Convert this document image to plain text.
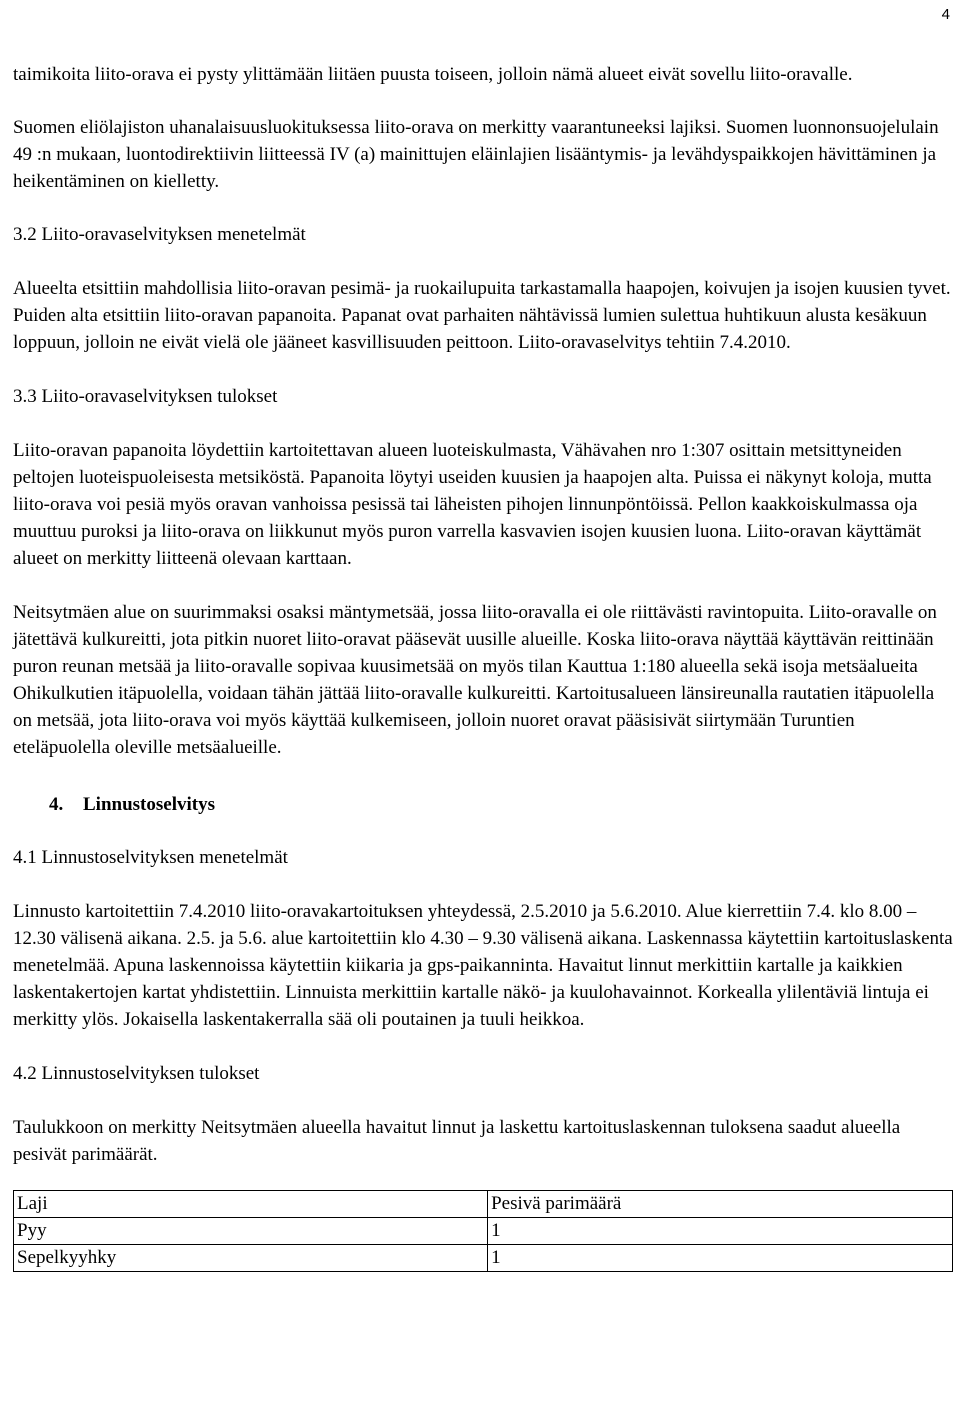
4

taimikoita liito-orava ei pysty ylittämään liitäen puusta toiseen, jolloin nämä alueet eivät sovellu liito-oravalle.

Suomen eliölajiston uhanalaisuusluokituksessa liito-orava on merkitty vaarantuneeksi lajiksi. Suomen luonnonsuojelulain 49 :n mukaan, luontodirektiivin liitteessä IV (a) mainittujen eläinlajien lisääntymis- ja levähdyspaikkojen hävittäminen ja heikentäminen on kielletty.

3.2 Liito-oravaselvityksen menetelmät

Alueelta etsittiin mahdollisia liito-oravan pesimä- ja ruokailupuita tarkastamalla haapojen, koivujen ja isojen kuusien tyvet. Puiden alta etsittiin liito-oravan papanoita. Papanat ovat parhaiten nähtävissä lumien sulettua huhtikuun alusta kesäkuun loppuun, jolloin ne eivät vielä ole jääneet kasvillisuuden peittoon. Liito-oravaselvitys tehtiin 7.4.2010.

3.3 Liito-oravaselvityksen tulokset

Liito-oravan papanoita löydettiin kartoitettavan alueen luoteiskulmasta, Vähävahen nro 1:307 osittain metsittyneiden peltojen luoteispuoleisesta metsiköstä. Papanoita löytyi useiden kuusien ja haapojen alta. Puissa ei näkynyt koloja, mutta liito-orava voi pesiä myös oravan vanhoissa pesissä tai läheisten pihojen linnunpöntöissä. Pellon kaakkoiskulmassa oja muuttuu puroksi ja liito-orava on liikkunut myös puron varrella kasvavien isojen kuusien luona. Liito-oravan käyttämät alueet on merkitty liitteenä olevaan karttaan.

Neitsytmäen alue on suurimmaksi osaksi mäntymetsää, jossa liito-oravalla ei ole riittävästi ravintopuita. Liito-oravalle on jätettävä kulkureitti, jota pitkin nuoret liito-oravat pääsevät uusille alueille. Koska liito-orava näyttää käyttävän reittinään puron reunan metsää ja liito-oravalle sopivaa kuusimetsää on myös tilan Kauttua 1:180 alueella sekä isoja metsäalueita Ohikulkutien itäpuolella, voidaan tähän jättää liito-oravalle kulkureitti. Kartoitusalueen länsireunalla rautatien itäpuolella on metsää, jota liito-orava voi myös käyttää kulkemiseen, jolloin nuoret oravat pääsisivät siirtymään Turuntien eteläpuolella oleville metsäalueille.

4. Linnustoselvitys

4.1 Linnustoselvityksen menetelmät

Linnusto kartoitettiin 7.4.2010 liito-oravakartoituksen yhteydessä, 2.5.2010 ja 5.6.2010. Alue kierrettiin 7.4. klo 8.00 – 12.30 välisenä aikana. 2.5. ja 5.6. alue kartoitettiin klo 4.30 – 9.30 välisenä aikana. Laskennassa käytettiin kartoituslaskenta menetelmää. Apuna laskennoissa käytettiin kiikaria ja gps-paikanninta. Havaitut linnut merkittiin kartalle ja kaikkien laskentakertojen kartat yhdistettiin. Linnuista merkittiin kartalle näkö- ja kuulohavainnot. Korkealla ylilentäviä lintuja ei merkitty ylös. Jokaisella laskentakerralla sää oli poutainen ja tuuli heikkoa.

4.2 Linnustoselvityksen tulokset

Taulukkoon on merkitty Neitsytmäen alueella havaitut linnut ja laskettu kartoituslaskennan tuloksena saadut alueella pesivät parimäärät.

Laji	Pesivä parimäärä
Pyy	1
Sepelkyyhky	1
